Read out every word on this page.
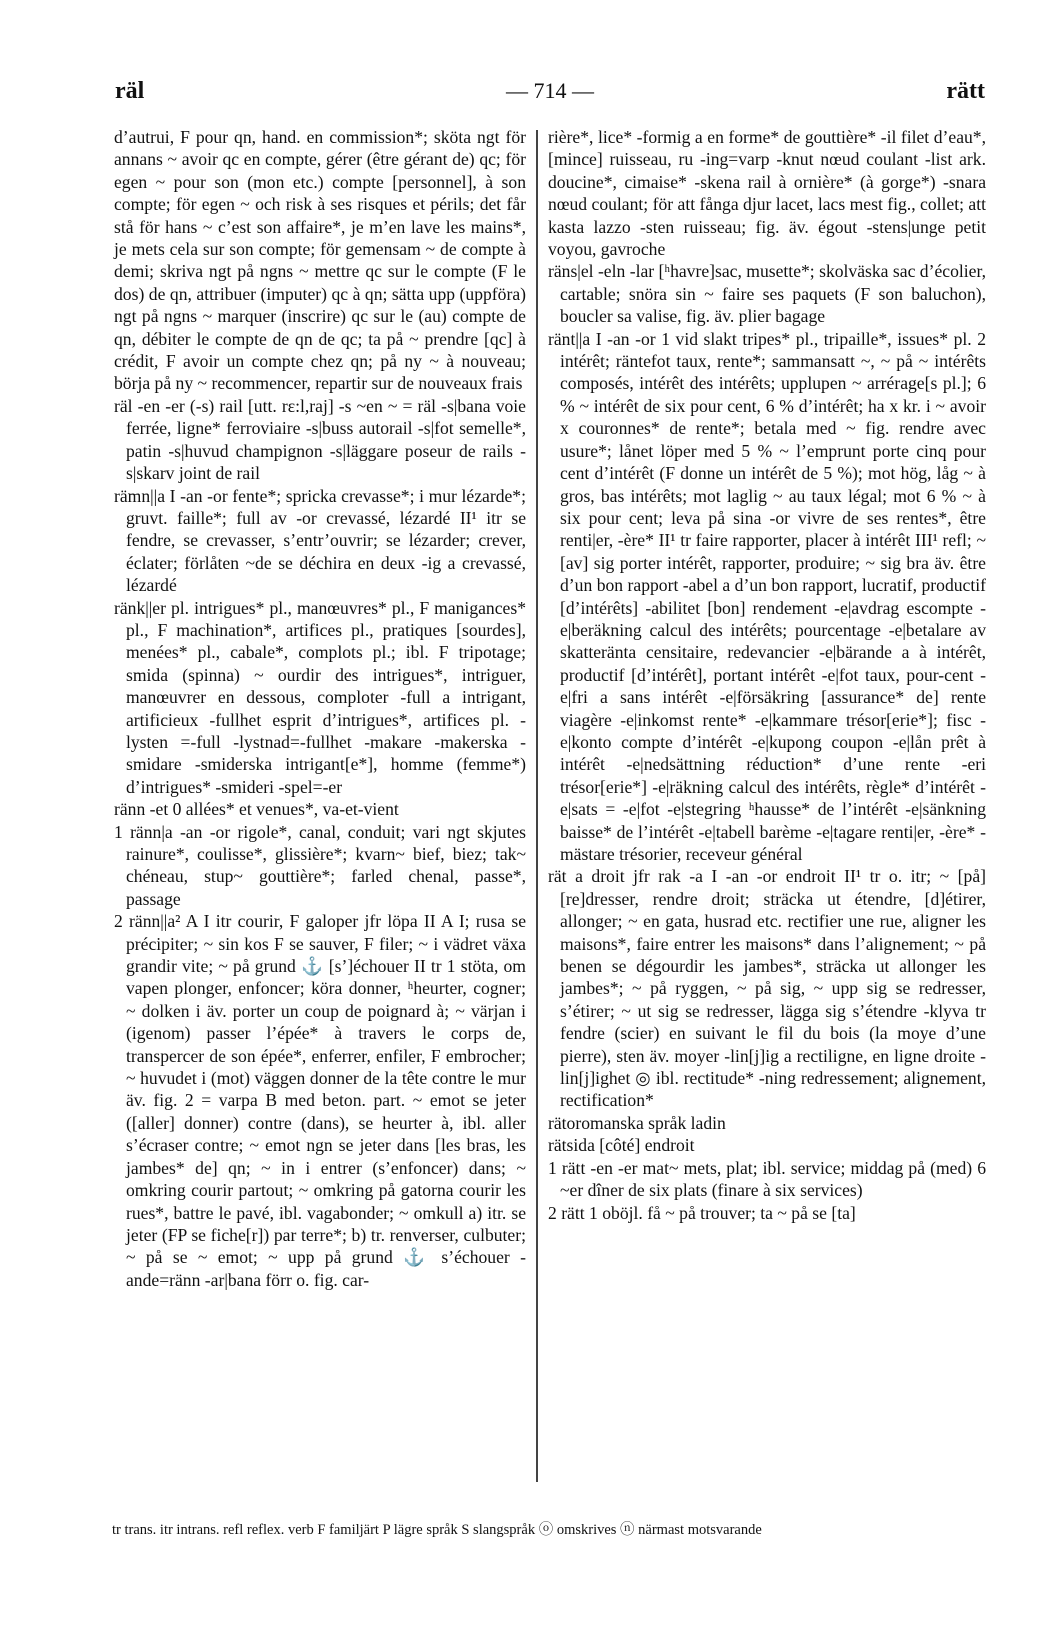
räl	— 714 —	rätt

d’autrui, F pour qn, hand. en commission*; sköta ngt för annans ~ avoir qc en compte, gérer (être gérant de) qc; för egen ~ pour son (mon etc.) compte [personnel], à son compte; för egen ~ och risk à ses risques et périls; det får stå för hans ~ c’est son affaire*, je m’en lave les mains*, je mets cela sur son compte; för gemensam ~ de compte à demi; skriva ngt på ngns ~ mettre qc sur le compte (F le dos) de qn, attribuer (imputer) qc à qn; sätta upp (uppföra) ngt på ngns ~ marquer (inscrire) qc sur le (au) compte de qn, débiter le compte de qn de qc; ta på ~ prendre [qc] à crédit, F avoir un compte chez qn; på ny ~ à nouveau; börja på ny ~ recommencer, repartir sur de nouveaux frais

räl -en -er (-s) rail [utt. rɛ:l,raj] -s ~en ~ = räl -s|bana voie ferrée, ligne* ferroviaire -s|buss autorail -s|fot semelle*, patin -s|huvud champignon -s|läggare poseur de rails -s|skarv joint de rail

rämn||a I -an -or fente*; spricka crevasse*; i mur lézarde*; gruvt. faille*; full av -or crevassé, lézardé II¹ itr se fendre, se crevasser, s’entr’ouvrir; se lézarder; crever, éclater; förlåten ~de se déchira en deux -ig a crevassé, lézardé

ränk||er pl. intrigues* pl., manœuvres* pl., F manigances* pl., F machination*, artifices pl., pratiques [sourdes], menées* pl., cabale*, complots pl.; ibl. F tripotage; smida (spinna) ~ ourdir des intrigues*, intriguer, manœuvrer en dessous, comploter -full a intrigant, artificieux -fullhet esprit d’intrigues*, artifices pl. -lysten =-full -lystnad=-fullhet -makare -makerska -smidare -smiderska intrigant[e*], homme (femme*) d’intrigues* -smideri -spel=-er

ränn -et 0 allées* et venues*, va-et-vient

1 ränn|a -an -or rigole*, canal, conduit; vari ngt skjutes rainure*, coulisse*, glissière*; kvarn~ bief, biez; tak~ chéneau, stup~ gouttière*; farled chenal, passe*, passage

2 ränn||a² A I itr courir, F galoper jfr löpa II A I; rusa se précipiter; ~ sin kos F se sauver, F filer; ~ i vädret växa grandir vite; ~ på grund ⚓ [s’]échouer II tr 1 stöta, om vapen plonger, enfoncer; köra donner, ʰheurter, cogner; ~ dolken i äv. porter un coup de poignard à; ~ värjan i (igenom) passer l’épée* à travers le corps de, transpercer de son épée*, enferrer, enfiler, F embrocher; ~ huvudet i (mot) väggen donner de la tête contre le mur äv. fig. 2 = varpa B med beton. part. ~ emot se jeter ([aller] donner) contre (dans), se heurter à, ibl. aller s’écraser contre; ~ emot ngn se jeter dans [les bras, les jambes* de] qn; ~ in i entrer (s’enfoncer) dans; ~ omkring courir partout; ~ omkring på gatorna courir les rues*, battre le pavé, ibl. vagabonder; ~ omkull a) itr. se jeter (FP se fiche[r]) par terre*; b) tr. renverser, culbuter; ~ på se ~ emot; ~ upp på grund ⚓ s’échouer -ande=ränn -ar|bana förr o. fig. car-

rière*, lice* -formig a en forme* de gouttière* -il filet d’eau*, [mince] ruisseau, ru -ing=varp -knut nœud coulant -list ark. doucine*, cimaise* -skena rail à ornière* (à gorge*) -snara nœud coulant; för att fånga djur lacet, lacs mest fig., collet; att kasta lazzo -sten ruisseau; fig. äv. égout -stens|unge petit voyou, gavroche

räns|el -eln -lar [ʰhavre]sac, musette*; skolväska sac d’écolier, cartable; snöra sin ~ faire ses paquets (F son baluchon), boucler sa valise, fig. äv. plier bagage

ränt||a I -an -or 1 vid slakt tripes* pl., tripaille*, issues* pl. 2 intérêt; räntefot taux, rente*; sammansatt ~, ~ på ~ intérêts composés, intérêt des intérêts; upplupen ~ arrérage[s pl.]; 6 % ~ intérêt de six pour cent, 6 % d’intérêt; ha x kr. i ~ avoir x couronnes* de rente*; betala med ~ fig. rendre avec usure*; lånet löper med 5 % ~ l’emprunt porte cinq pour cent d’intérêt (F donne un intérêt de 5 %); mot hög, låg ~ à gros, bas intérêts; mot laglig ~ au taux légal; mot 6 % ~ à six pour cent; leva på sina -or vivre de ses rentes*, être renti|er, -ère* II¹ tr faire rapporter, placer à intérêt III¹ refl; ~ [av] sig porter intérêt, rapporter, produire; ~ sig bra äv. être d’un bon rapport -abel a d’un bon rapport, lucratif, productif [d’intérêts] -abilitet [bon] rendement -e|avdrag escompte -e|beräkning calcul des intérêts; pourcentage -e|betalare av skatteränta censitaire, redevancier -e|bärande a à intérêt, productif [d’intérêt], portant intérêt -e|fot taux, pour-cent -e|fri a sans intérêt -e|försäkring [assurance* de] rente viagère -e|inkomst rente* -e|kammare trésor[erie*]; fisc -e|konto compte d’intérêt -e|kupong coupon -e|lån prêt à intérêt -e|nedsättning réduction* d’une rente -eri trésor[erie*] -e|räkning calcul des intérêts, règle* d’intérêt -e|sats = -e|fot -e|stegring ʰhausse* de l’intérêt -e|sänkning baisse* de l’intérêt -e|tabell barème -e|tagare renti|er, -ère* -mästare trésorier, receveur général

rät a droit jfr rak -a I -an -or endroit II¹ tr o. itr; ~ [på] [re]dresser, rendre droit; sträcka ut étendre, [d]étirer, allonger; ~ en gata, husrad etc. rectifier une rue, aligner les maisons*, faire entrer les maisons* dans l’alignement; ~ på benen se dégourdir les jambes*, sträcka ut allonger les jambes*; ~ på ryggen, ~ på sig, ~ upp sig se redresser, s’étirer; ~ ut sig se redresser, lägga sig s’étendre -klyva tr fendre (scier) en suivant le fil du bois (la moye d’une pierre), sten äv. moyer -lin[j]ig a rectiligne, en ligne droite -lin[j]ighet ◎ ibl. rectitude* -ning redressement; alignement, rectification*

rätoromanska språk ladin

rätsida [côté] endroit

1 rätt -en -er mat~ mets, plat; ibl. service; middag på (med) 6 ~er dîner de six plats (finare à six services)

2 rätt 1 oböjl. få ~ på trouver; ta ~ på se [ta]

tr trans. itr intrans. refl reflex. verb F familjärt P lägre språk S slangspråk ⓞ omskrives ⓝ närmast motsvarande
